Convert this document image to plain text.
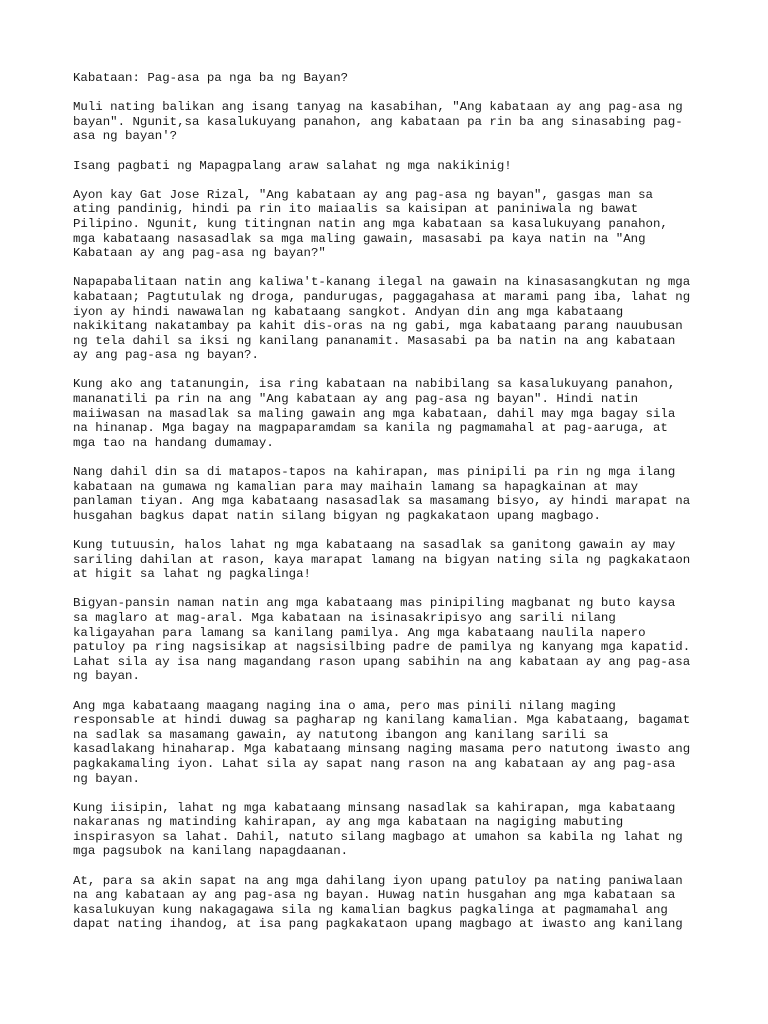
Kabataan: Pag-asa pa nga ba ng Bayan?

Muli nating balikan ang isang tanyag na kasabihan, "Ang kabataan ay ang pag-asa ng
bayan". Ngunit,sa kasalukuyang panahon, ang kabataan pa rin ba ang sinasabing pag-
asa ng bayan'?

Isang pagbati ng Mapagpalang araw salahat ng mga nakikinig!

Ayon kay Gat Jose Rizal, "Ang kabataan ay ang pag-asa ng bayan", gasgas man sa
ating pandinig, hindi pa rin ito maiaalis sa kaisipan at paniniwala ng bawat
Pilipino. Ngunit, kung titingnan natin ang mga kabataan sa kasalukuyang panahon,
mga kabataang nasasadlak sa mga maling gawain, masasabi pa kaya natin na "Ang
Kabataan ay ang pag-asa ng bayan?"

Napapabalitaan natin ang kaliwa't-kanang ilegal na gawain na kinasasangkutan ng mga
kabataan; Pagtutulak ng droga, pandurugas, paggagahasa at marami pang iba, lahat ng
iyon ay hindi nawawalan ng kabataang sangkot. Andyan din ang mga kabataang
nakikitang nakatambay pa kahit dis-oras na ng gabi, mga kabataang parang nauubusan
ng tela dahil sa iksi ng kanilang pananamit. Masasabi pa ba natin na ang kabataan
ay ang pag-asa ng bayan?.

Kung ako ang tatanungin, isa ring kabataan na nabibilang sa kasalukuyang panahon,
mananatili pa rin na ang "Ang kabataan ay ang pag-asa ng bayan". Hindi natin
maiiwasan na masadlak sa maling gawain ang mga kabataan, dahil may mga bagay sila
na hinanap. Mga bagay na magpaparamdam sa kanila ng pagmamahal at pag-aaruga, at
mga tao na handang dumamay.

Nang dahil din sa di matapos-tapos na kahirapan, mas pinipili pa rin ng mga ilang
kabataan na gumawa ng kamalian para may maihain lamang sa hapagkainan at may
panlaman tiyan. Ang mga kabataang nasasadlak sa masamang bisyo, ay hindi marapat na
husgahan bagkus dapat natin silang bigyan ng pagkakataon upang magbago.

Kung tutuusin, halos lahat ng mga kabataang na sasadlak sa ganitong gawain ay may
sariling dahilan at rason, kaya marapat lamang na bigyan nating sila ng pagkakataon
at higit sa lahat ng pagkalinga!

Bigyan-pansin naman natin ang mga kabataang mas pinipiling magbanat ng buto kaysa
sa maglaro at mag-aral. Mga kabataan na isinasakripisyo ang sarili nilang
kaligayahan para lamang sa kanilang pamilya. Ang mga kabataang naulila napero
patuloy pa ring nagsisikap at nagsisilbing padre de pamilya ng kanyang mga kapatid.
Lahat sila ay isa nang magandang rason upang sabihin na ang kabataan ay ang pag-asa
ng bayan.

Ang mga kabataang maagang naging ina o ama, pero mas pinili nilang maging
responsable at hindi duwag sa pagharap ng kanilang kamalian. Mga kabataang, bagamat
na sadlak sa masamang gawain, ay natutong ibangon ang kanilang sarili sa
kasadlakang hinaharap. Mga kabataang minsang naging masama pero natutong iwasto ang
pagkakamaling iyon. Lahat sila ay sapat nang rason na ang kabataan ay ang pag-asa
ng bayan.

Kung iisipin, lahat ng mga kabataang minsang nasadlak sa kahirapan, mga kabataang
nakaranas ng matinding kahirapan, ay ang mga kabataan na nagiging mabuting
inspirasyon sa lahat. Dahil, natuto silang magbago at umahon sa kabila ng lahat ng
mga pagsubok na kanilang napagdaanan.

At, para sa akin sapat na ang mga dahilang iyon upang patuloy pa nating paniwalaan
na ang kabataan ay ang pag-asa ng bayan. Huwag natin husgahan ang mga kabataan sa
kasalukuyan kung nakagagawa sila ng kamalian bagkus pagkalinga at pagmamahal ang
dapat nating ihandog, at isa pang pagkakataon upang magbago at iwasto ang kanilang
